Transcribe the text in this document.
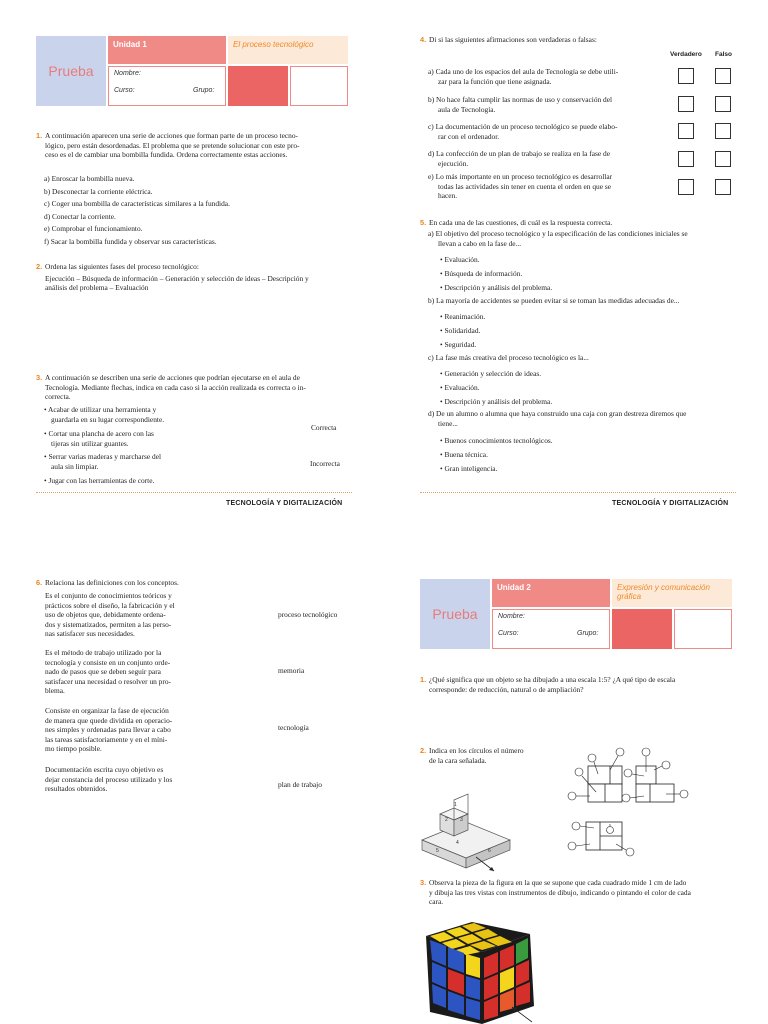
Prueba
Unidad 1	El proceso tecnológico
Nombre:
Curso:	Grupo:
1. A continuación aparecen una serie de acciones que forman parte de un proceso tecno-
lógico, pero están desordenadas. El problema que se pretende solucionar con este pro-
ceso es el de cambiar una bombilla fundida. Ordena correctamente estas acciones.
a) Enroscar la bombilla nueva.
b) Desconectar la corriente eléctrica.
c) Coger una bombilla de características similares a la fundida.
d) Conectar la corriente.
e) Comprobar el funcionamiento.
f) Sacar la bombilla fundida y observar sus características.
2. Ordena las siguientes fases del proceso tecnológico:
Ejecución – Búsqueda de información – Generación y selección de ideas – Descripción y
análisis del problema – Evaluación
3. A continuación se describen una serie de acciones que podrían ejecutarse en el aula de
Tecnología. Mediante flechas, indica en cada caso si la acción realizada es correcta o in-
correcta.
• Acabar de utilizar una herramienta y
guardarla en su lugar correspondiente.
• Cortar una plancha de acero con las
tijeras sin utilizar guantes.
• Serrar varias maderas y marcharse del
aula sin limpiar.
• Jugar con las herramientas de corte.
Correcta
Incorrecta
TECNOLOGÍA Y DIGITALIZACIÓN
4. Di si las siguientes afirmaciones son verdaderas o falsas:
Verdadero Falso
a) Cada uno de los espacios del aula de Tecnología se debe utili-
zar para la función que tiene asignada.
b) No hace falta cumplir las normas de uso y conservación del
aula de Tecnología.
c) La documentación de un proceso tecnológico se puede elabo-
rar con el ordenador.
d) La confección de un plan de trabajo se realiza en la fase de
ejecución.
e) Lo más importante en un proceso tecnológico es desarrollar
todas las actividades sin tener en cuenta el orden en que se
hacen.
5. En cada una de las cuestiones, di cuál es la respuesta correcta.
a) El objetivo del proceso tecnológico y la especificación de las condiciones iniciales se
llevan a cabo en la fase de...
• Evaluación.
• Búsqueda de información.
• Descripción y análisis del problema.
b) La mayoría de accidentes se pueden evitar si se toman las medidas adecuadas de...
• Reanimación.
• Solidaridad.
• Seguridad.
c) La fase más creativa del proceso tecnológico es la...
• Generación y selección de ideas.
• Evaluación.
• Descripción y análisis del problema.
d) De un alumno o alumna que haya construido una caja con gran destreza diremos que
tiene...
• Buenos conocimientos tecnológicos.
• Buena técnica.
• Gran inteligencia.
TECNOLOGÍA Y DIGITALIZACIÓN
6. Relaciona las definiciones con los conceptos.
Es el conjunto de conocimientos teóricos y
prácticos sobre el diseño, la fabricación y el
uso de objetos que, debidamente ordena-
dos y sistematizados, permiten a las perso-
nas satisfacer sus necesidades.
Es el método de trabajo utilizado por la
tecnología y consiste en un conjunto orde-
nado de pasos que se deben seguir para
satisfacer una necesidad o resolver un pro-
blema.
Consiste en organizar la fase de ejecución
de manera que quede dividida en operacio-
nes simples y ordenadas para llevar a cabo
las tareas satisfactoriamente y en el míni-
mo tiempo posible.
Documentación escrita cuyo objetivo es
dejar constancia del proceso utilizado y los
resultados obtenidos.
proceso tecnológico
memoria
tecnología
plan de trabajo
Prueba
Unidad 2	Expresión y comunicación
gráfica
Nombre:
Curso:	Grupo:
1. ¿Qué significa que un objeto se ha dibujado a una escala 1:5? ¿A qué tipo de escala
corresponde: de reducción, natural o de ampliación?
2. Indica en los círculos el número
de la cara señalada.
1
2 3
4
5	6
3. Observa la pieza de la figura en la que se supone que cada cuadrado mide 1 cm de lado
y dibuja las tres vistas con instrumentos de dibujo, indicando o pintando el color de cada
cara.
